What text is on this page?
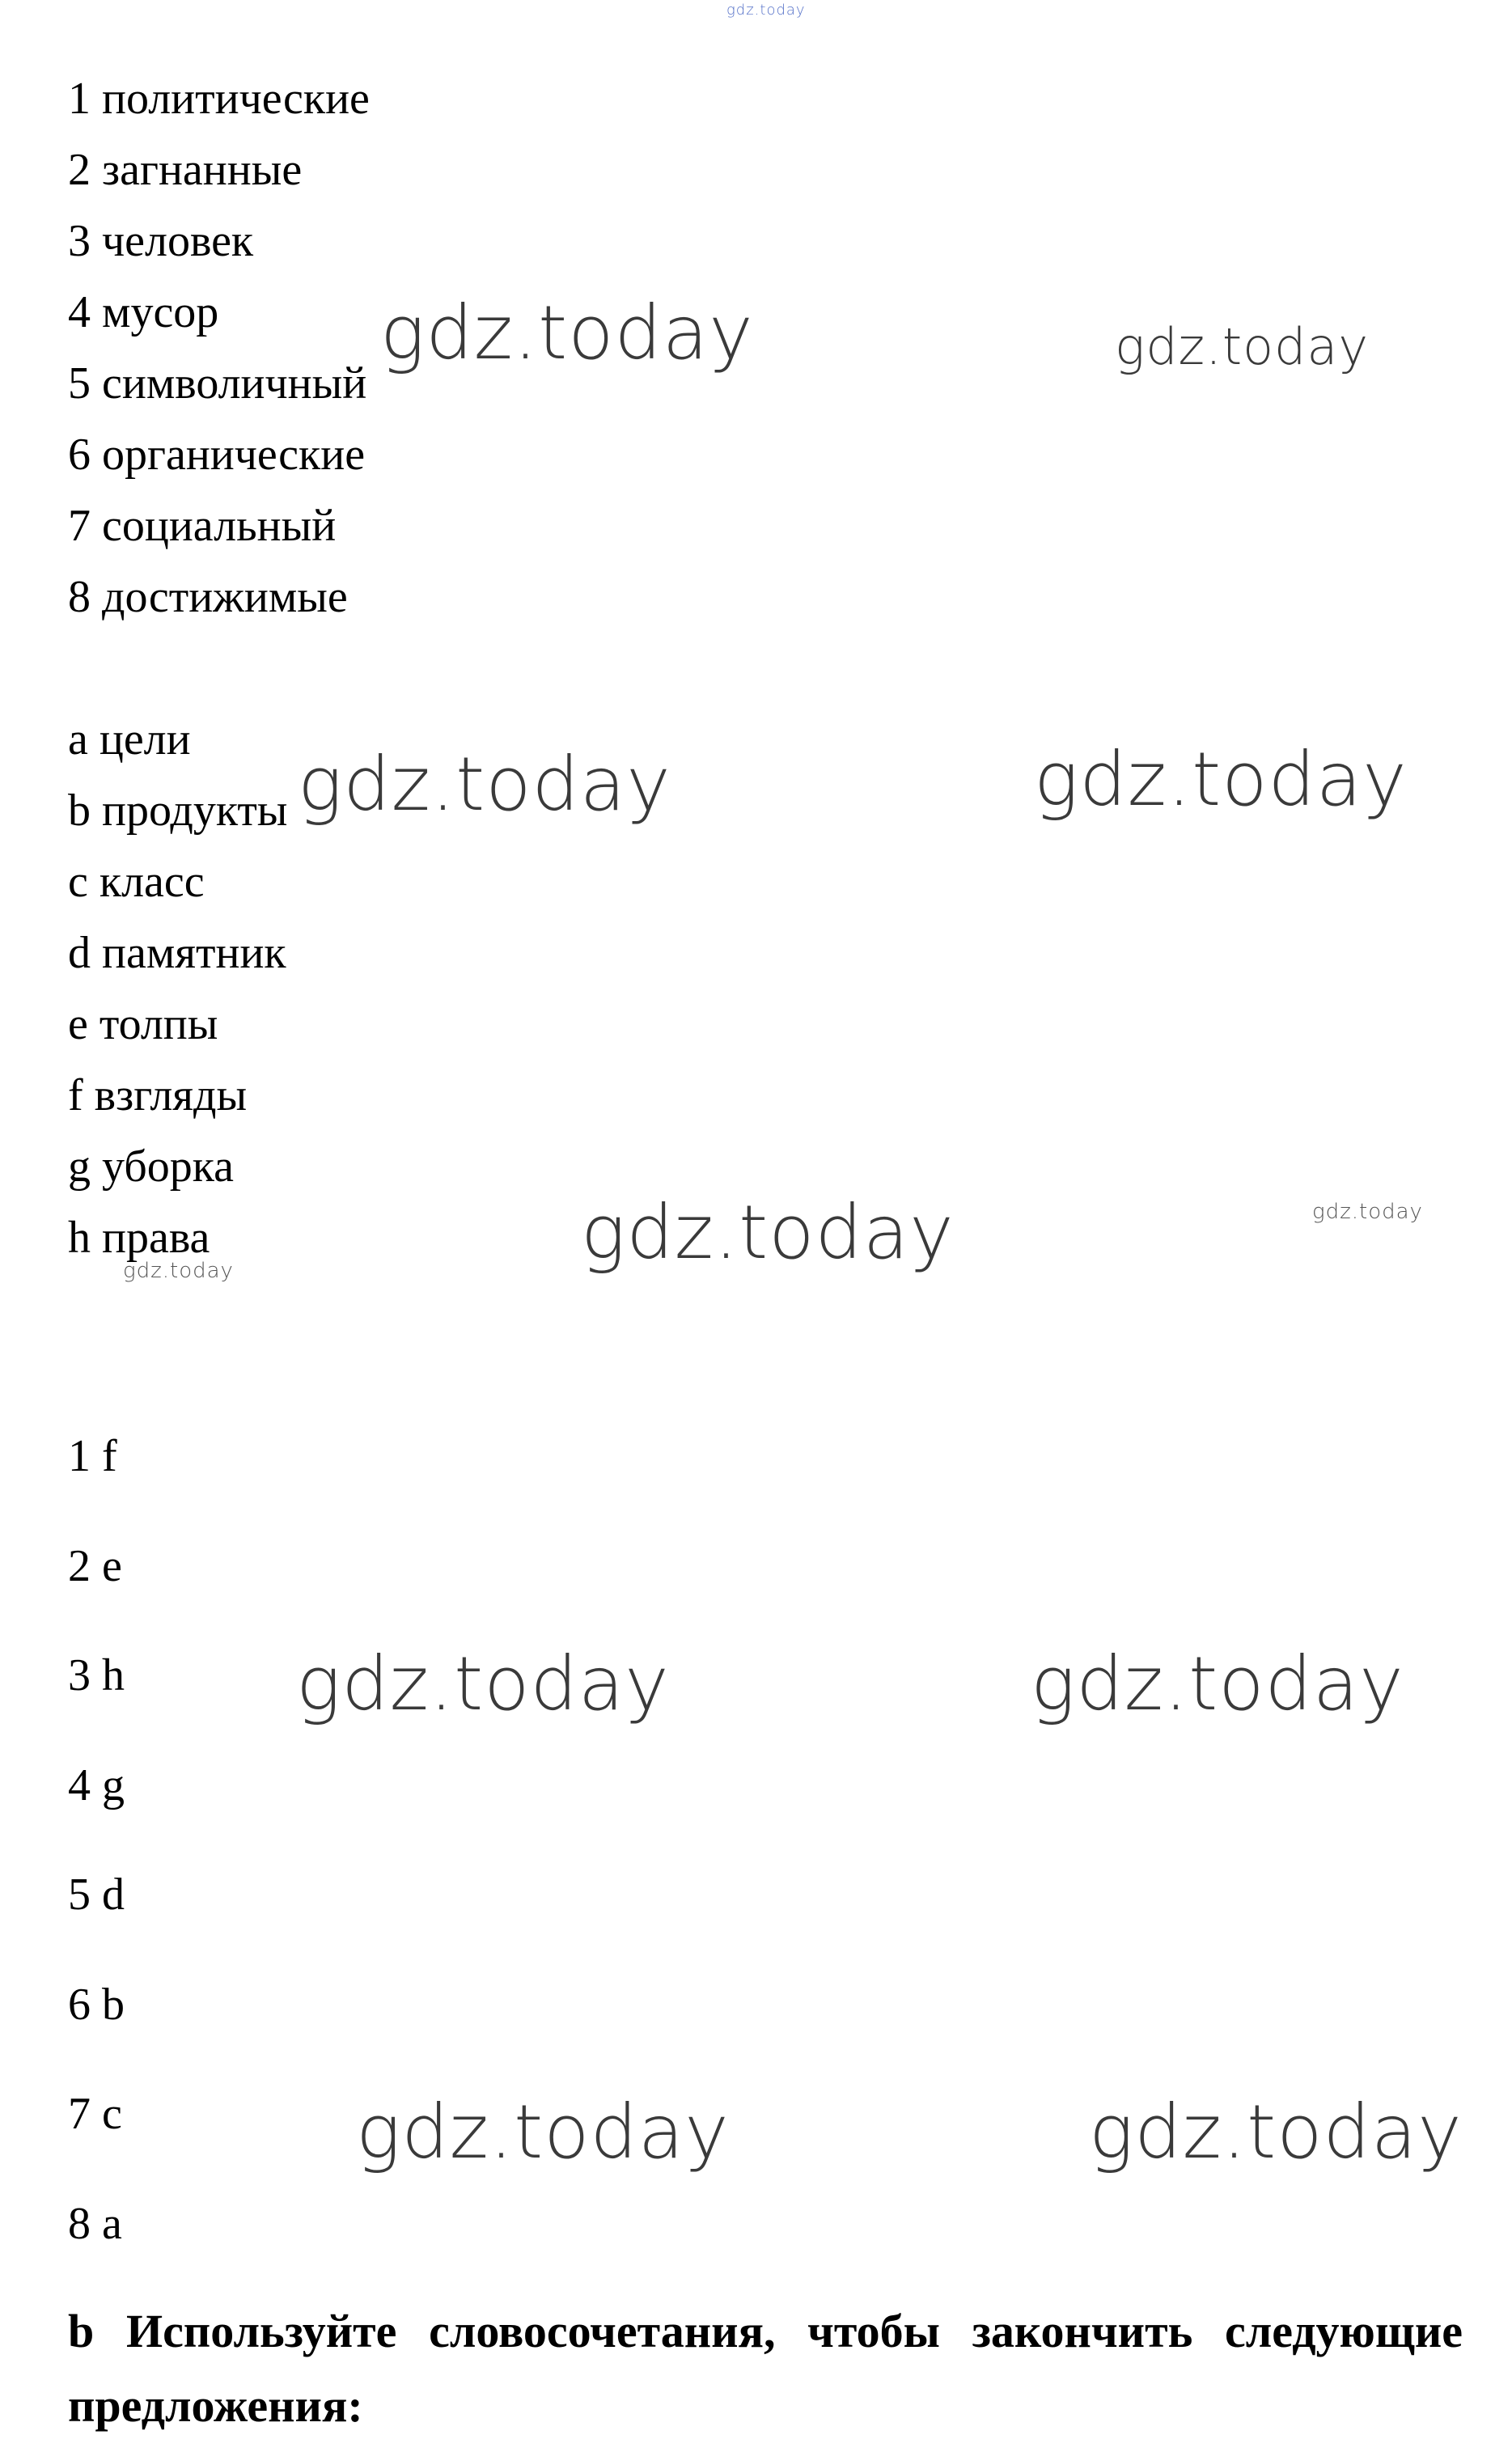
gdz.today
1 политические
2 загнанные
3 человек
4 мусор
5 символичный
6 органические
7 социальный
8 достижимые
a цели
b продукты
c класс
d памятник
e толпы
f взгляды
g уборка
h права
1 f
2 e
3 h
4 g
5 d
6 b
7 c
8 a
b Используйте словосочетания, чтобы закончить следующие предложения:
gdz.today	gdz.today
gdz.today	gdz.today
gdz.today	gdz.today
gdz.today
gdz.today	gdz.today
gdz.today	gdz.today
